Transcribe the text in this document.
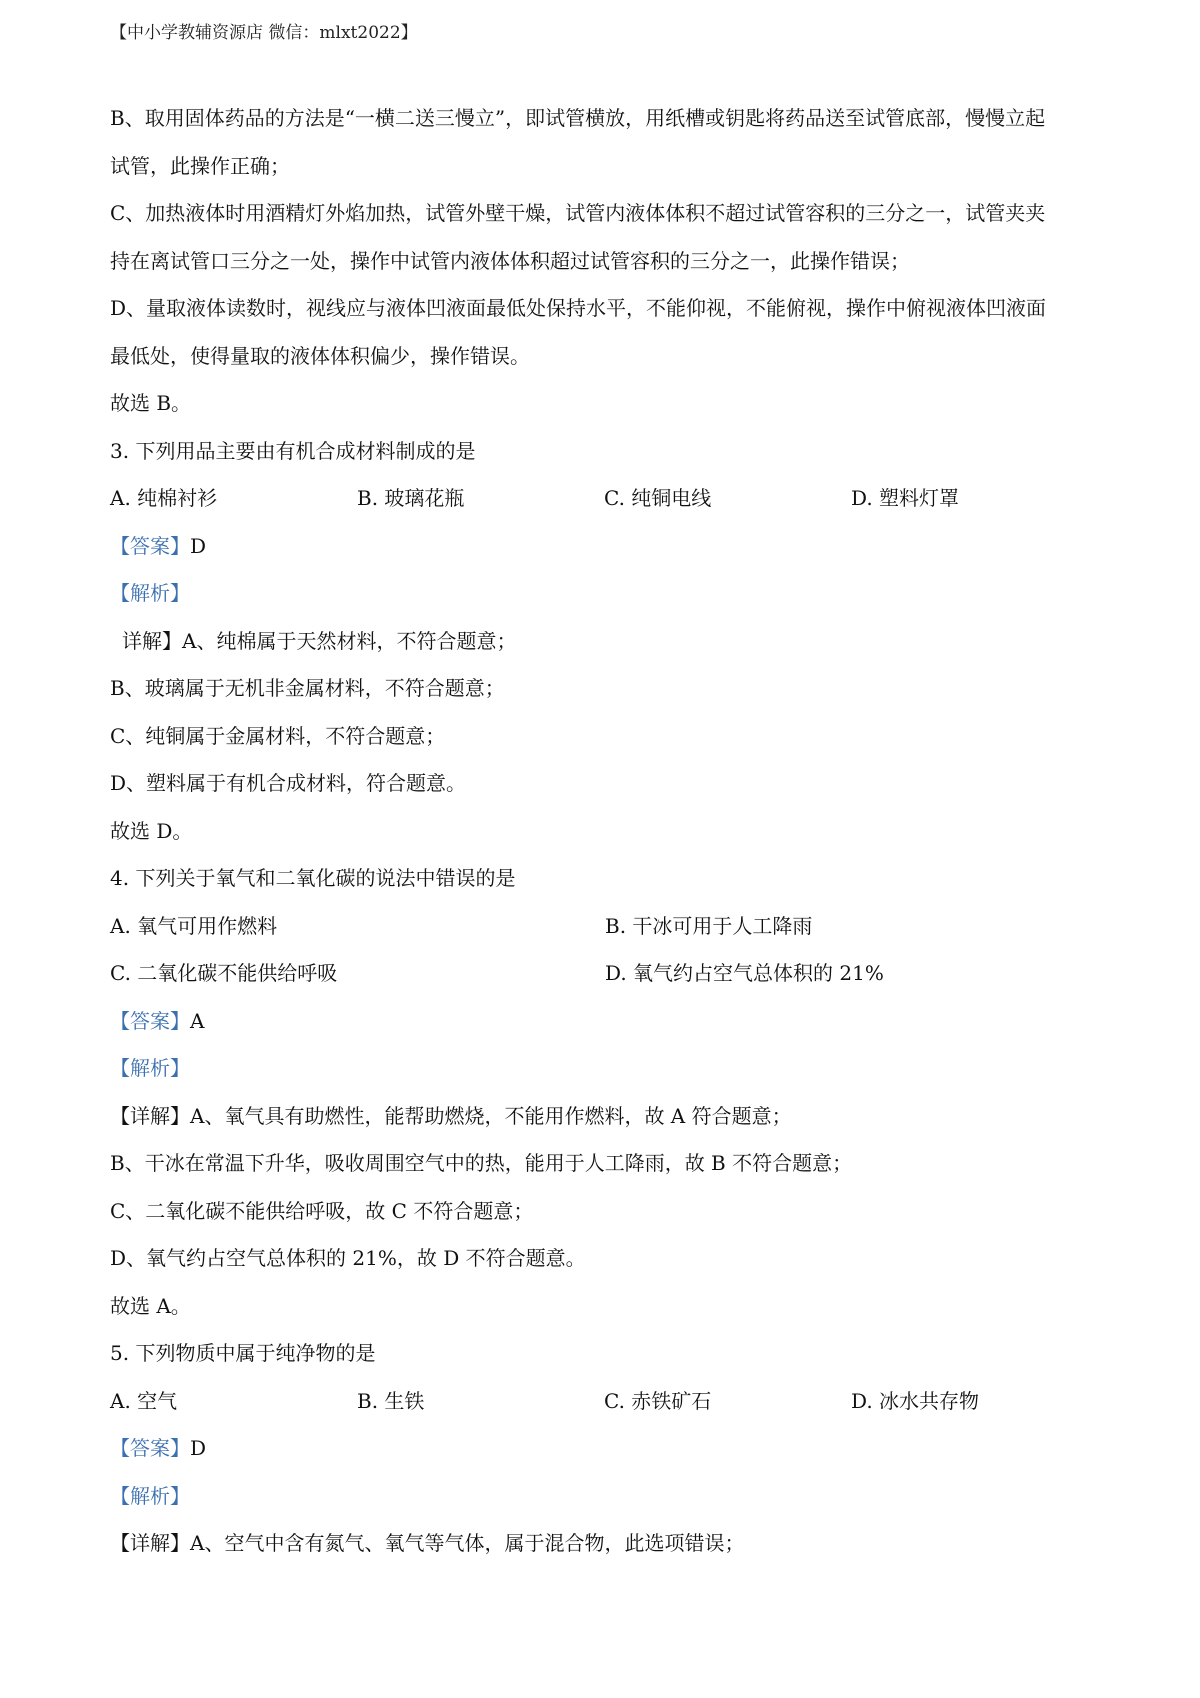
【中小学教辅资源店 微信：mlxt2022】

B、取用固体药品的方法是“一横二送三慢立”，即试管横放，用纸槽或钥匙将药品送至试管底部，慢慢立起

试管，此操作正确；

C、加热液体时用酒精灯外焰加热，试管外壁干燥，试管内液体体积不超过试管容积的三分之一，试管夹夹

持在离试管口三分之一处，操作中试管内液体体积超过试管容积的三分之一，此操作错误；

D、量取液体读数时，视线应与液体凹液面最低处保持水平，不能仰视，不能俯视，操作中俯视液体凹液面

最低处，使得量取的液体体积偏少，操作错误。

故选 B。

3. 下列用品主要由有机合成材料制成的是

A. 纯棉衬衫	B. 玻璃花瓶	C. 纯铜电线	D. 塑料灯罩

【答案】D

【解析】

详解】A、纯棉属于天然材料，不符合题意；

B、玻璃属于无机非金属材料，不符合题意；

C、纯铜属于金属材料，不符合题意；

D、塑料属于有机合成材料，符合题意。

故选 D。

4. 下列关于氧气和二氧化碳的说法中错误的是

A. 氧气可用作燃料	B. 干冰可用于人工降雨
C. 二氧化碳不能供给呼吸	D. 氧气约占空气总体积的 21%

【答案】A

【解析】

【详解】A、氧气具有助燃性，能帮助燃烧，不能用作燃料，故 A 符合题意；

B、干冰在常温下升华，吸收周围空气中的热，能用于人工降雨，故 B 不符合题意；

C、二氧化碳不能供给呼吸，故 C 不符合题意；

D、氧气约占空气总体积的 21%，故 D 不符合题意。

故选 A。

5. 下列物质中属于纯净物的是

A. 空气	B. 生铁	C. 赤铁矿石	D. 冰水共存物

【答案】D

【解析】

【详解】A、空气中含有氮气、氧气等气体，属于混合物，此选项错误；
